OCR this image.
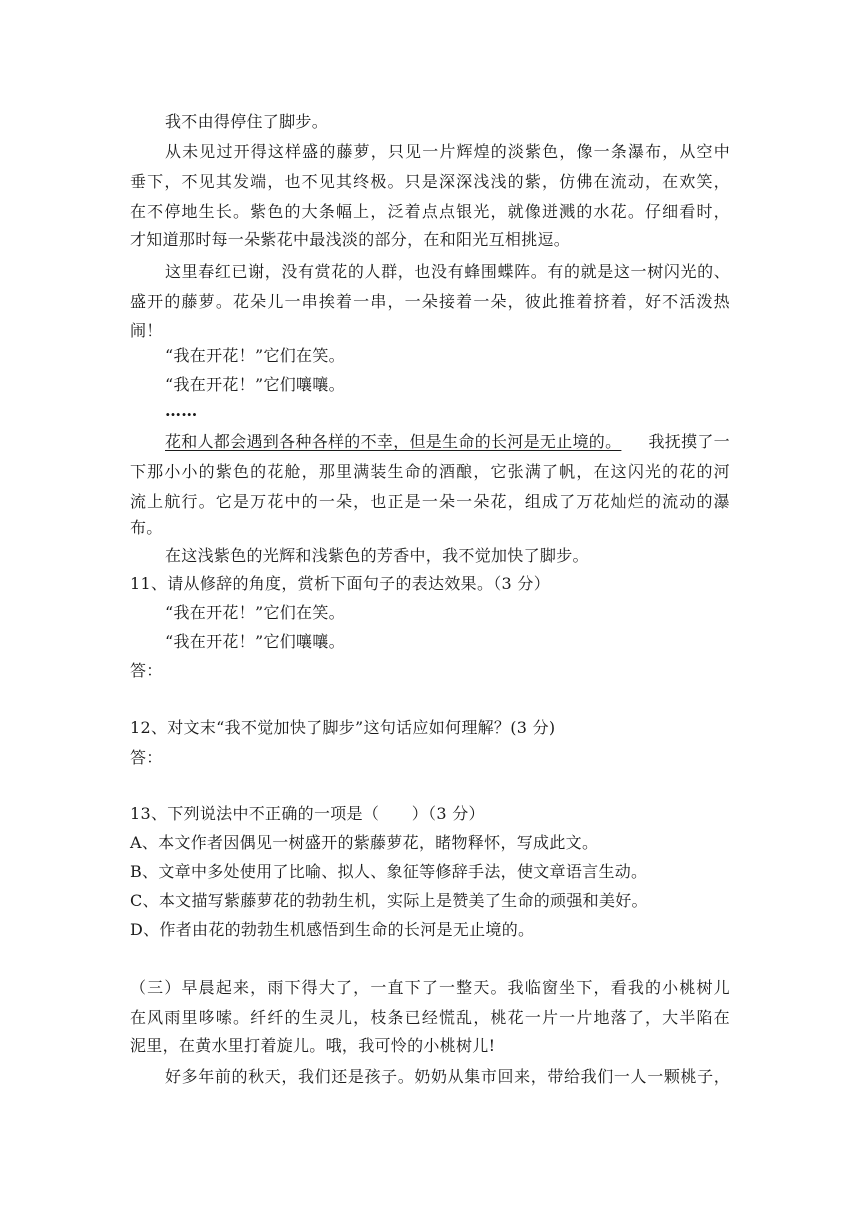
我不由得停住了脚步。
从未见过开得这样盛的藤萝，只见一片辉煌的淡紫色，像一条瀑布，从空中
垂下，不见其发端，也不见其终极。只是深深浅浅的紫，仿佛在流动，在欢笑，
在不停地生长。紫色的大条幅上，泛着点点银光，就像迸溅的水花。仔细看时，
才知道那时每一朵紫花中最浅淡的部分，在和阳光互相挑逗。
这里春红已谢，没有赏花的人群，也没有蜂围蝶阵。有的就是这一树闪光的、
盛开的藤萝。花朵儿一串挨着一串，一朵接着一朵，彼此推着挤着，好不活泼热
闹！
“我在开花！”它们在笑。
“我在开花！”它们嚷嚷。
……
花和人都会遇到各种各样的不幸，但是生命的长河是无止境的。 我抚摸了一
下那小小的紫色的花舱，那里满装生命的酒酿，它张满了帆，在这闪光的花的河
流上航行。它是万花中的一朵，也正是一朵一朵花，组成了万花灿烂的流动的瀑
布。
在这浅紫色的光辉和浅紫色的芳香中，我不觉加快了脚步。
11、请从修辞的角度，赏析下面句子的表达效果。（3 分）
“我在开花！”它们在笑。
“我在开花！”它们嚷嚷。
答：
12、对文末“我不觉加快了脚步”这句话应如何理解？(3 分)
答：
13、下列说法中不正确的一项是（　　）（3 分）
A、本文作者因偶见一树盛开的紫藤萝花，睹物释怀，写成此文。
B、文章中多处使用了比喻、拟人、象征等修辞手法，使文章语言生动。
C、本文描写紫藤萝花的勃勃生机，实际上是赞美了生命的顽强和美好。
D、作者由花的勃勃生机感悟到生命的长河是无止境的。
（三）早晨起来，雨下得大了，一直下了一整天。我临窗坐下，看我的小桃树儿
在风雨里哆嗦。纤纤的生灵儿，枝条已经慌乱，桃花一片一片地落了，大半陷在
泥里，在黄水里打着旋儿。哦，我可怜的小桃树儿!
好多年前的秋天，我们还是孩子。奶奶从集市回来，带给我们一人一颗桃子，
